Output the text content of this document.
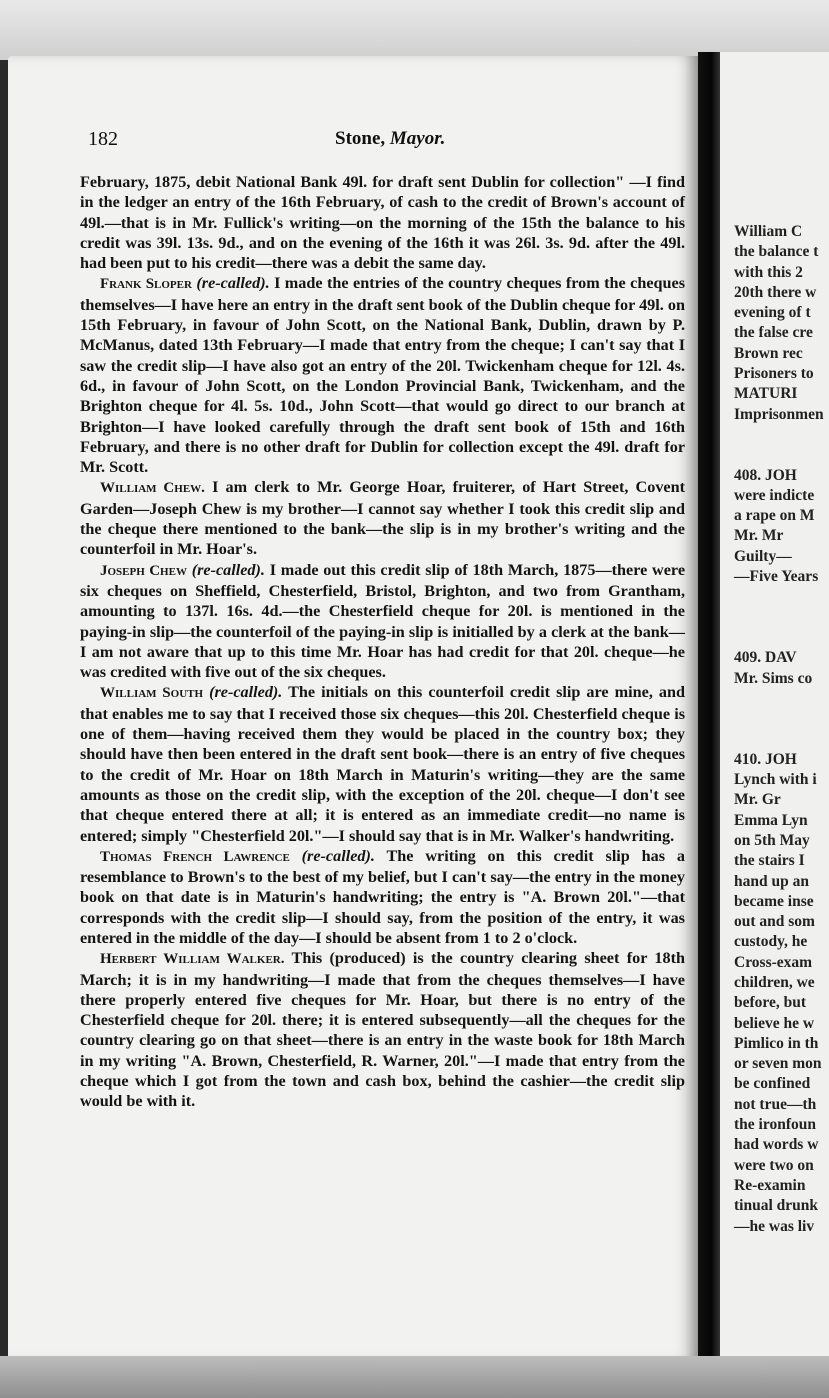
William C
the balance t
with this 2
20th there w
evening of t
the false cre
Brown rec
Prisoners to
MATURI
Imprisonmen
408. JOH
were indicte
a rape on M
Mr. Mr
Guilty—
—Five Years
409. DAV
Mr. Sims co
410. JOH
Lynch with i
Mr. Gr
Emma Lyn
on 5th May
the stairs I
hand up an
became inse
out and som
custody, he
Cross-exam
children, we
before, but
believe he w
Pimlico in th
or seven mon
be confined
not true—th
the ironfoun
had words w
were two on
Re-examin
tinual drunk
—he was liv
182	Stone, Mayor.

February, 1875, debit National Bank 49l. for draft sent Dublin for collection" —I find in the ledger an entry of the 16th February, of cash to the credit of Brown's account of 49l.—that is in Mr. Fullick's writing—on the morning of the 15th the balance to his credit was 39l. 13s. 9d., and on the evening of the 16th it was 26l. 3s. 9d. after the 49l. had been put to his credit—there was a debit the same day.

Frank Sloper (re-called). I made the entries of the country cheques from the cheques themselves—I have here an entry in the draft sent book of the Dublin cheque for 49l. on 15th February, in favour of John Scott, on the National Bank, Dublin, drawn by P. McManus, dated 13th February—I made that entry from the cheque; I can't say that I saw the credit slip—I have also got an entry of the 20l. Twickenham cheque for 12l. 4s. 6d., in favour of John Scott, on the London Provincial Bank, Twickenham, and the Brighton cheque for 4l. 5s. 10d., John Scott—that would go direct to our branch at Brighton—I have looked carefully through the draft sent book of 15th and 16th February, and there is no other draft for Dublin for collection except the 49l. draft for Mr. Scott.

William Chew. I am clerk to Mr. George Hoar, fruiterer, of Hart Street, Covent Garden—Joseph Chew is my brother—I cannot say whether I took this credit slip and the cheque there mentioned to the bank—the slip is in my brother's writing and the counterfoil in Mr. Hoar's.

Joseph Chew (re-called). I made out this credit slip of 18th March, 1875—there were six cheques on Sheffield, Chesterfield, Bristol, Brighton, and two from Grantham, amounting to 137l. 16s. 4d.—the Chesterfield cheque for 20l. is mentioned in the paying-in slip—the counterfoil of the paying-in slip is initialled by a clerk at the bank—I am not aware that up to this time Mr. Hoar has had credit for that 20l. cheque—he was credited with five out of the six cheques.

William South (re-called). The initials on this counterfoil credit slip are mine, and that enables me to say that I received those six cheques—this 20l. Chesterfield cheque is one of them—having received them they would be placed in the country box; they should have then been entered in the draft sent book—there is an entry of five cheques to the credit of Mr. Hoar on 18th March in Maturin's writing—they are the same amounts as those on the credit slip, with the exception of the 20l. cheque—I don't see that cheque entered there at all; it is entered as an immediate credit—no name is entered; simply "Chesterfield 20l."—I should say that is in Mr. Walker's handwriting.

Thomas French Lawrence (re-called). The writing on this credit slip has a resemblance to Brown's to the best of my belief, but I can't say—the entry in the money book on that date is in Maturin's handwriting; the entry is "A. Brown 20l."—that corresponds with the credit slip—I should say, from the position of the entry, it was entered in the middle of the day—I should be absent from 1 to 2 o'clock.

Herbert William Walker. This (produced) is the country clearing sheet for 18th March; it is in my handwriting—I made that from the cheques themselves—I have there properly entered five cheques for Mr. Hoar, but there is no entry of the Chesterfield cheque for 20l. there; it is entered subsequently—all the cheques for the country clearing go on that sheet—there is an entry in the waste book for 18th March in my writing "A. Brown, Chesterfield, R. Warner, 20l."—I made that entry from the cheque which I got from the town and cash box, behind the cashier—the credit slip would be with it.
